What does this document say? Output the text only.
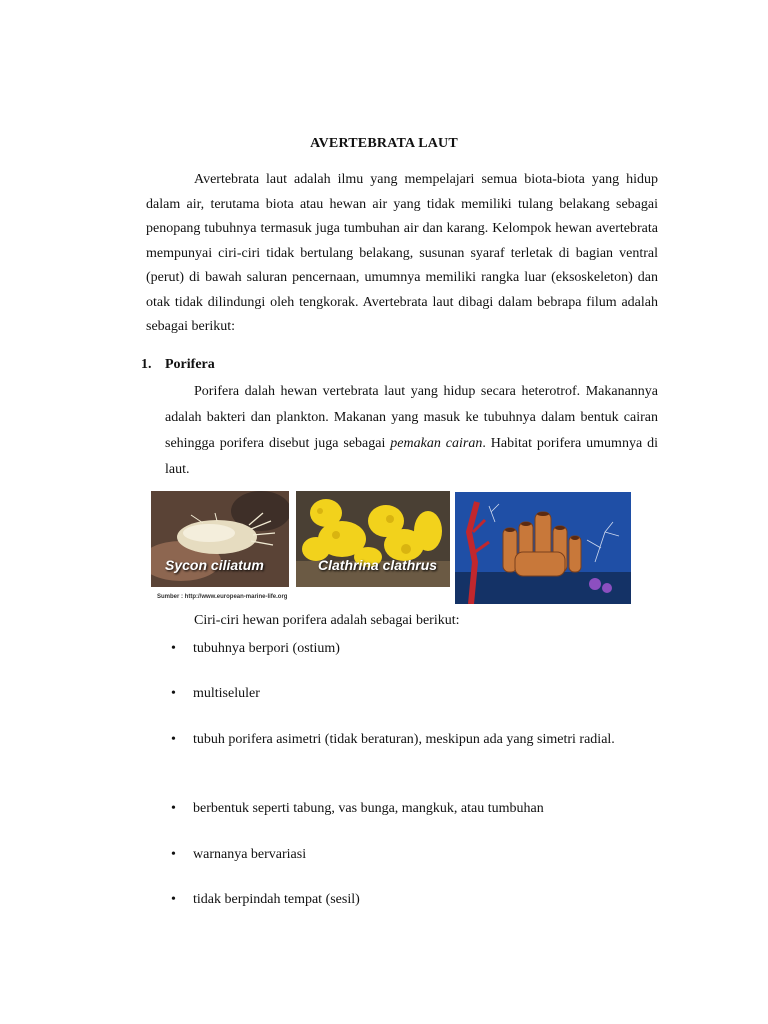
AVERTEBRATA LAUT

Avertebrata laut adalah ilmu yang mempelajari semua biota-biota yang hidup dalam air, terutama biota atau hewan air yang tidak memiliki tulang belakang sebagai penopang tubuhnya termasuk juga tumbuhan air dan karang. Kelompok hewan avertebrata mempunyai ciri-ciri tidak bertulang belakang, susunan syaraf terletak di bagian ventral (perut) di bawah saluran pencernaan, umumnya memiliki rangka luar (eksoskeleton) dan otak tidak dilindungi oleh tengkorak. Avertebrata laut dibagi dalam bebrapa filum adalah sebagai berikut:

1. Porifera

Porifera dalah hewan vertebrata laut yang hidup secara heterotrof. Makanannya adalah bakteri dan plankton. Makanan yang masuk ke tubuhnya dalam bentuk cairan sehingga porifera disebut juga sebagai pemakan cairan. Habitat porifera umumnya di laut.

Sycon ciliatum	Clathrina clathrus
Sumber : http://www.european-marine-life.org
Ciri-ciri hewan porifera adalah sebagai berikut:
• tubuhnya berpori (ostium)
• multiseluler
• tubuh porifera asimetri (tidak beraturan), meskipun ada yang simetri radial.
• berbentuk seperti tabung, vas bunga, mangkuk, atau tumbuhan
• warnanya bervariasi
• tidak berpindah tempat (sesil)
